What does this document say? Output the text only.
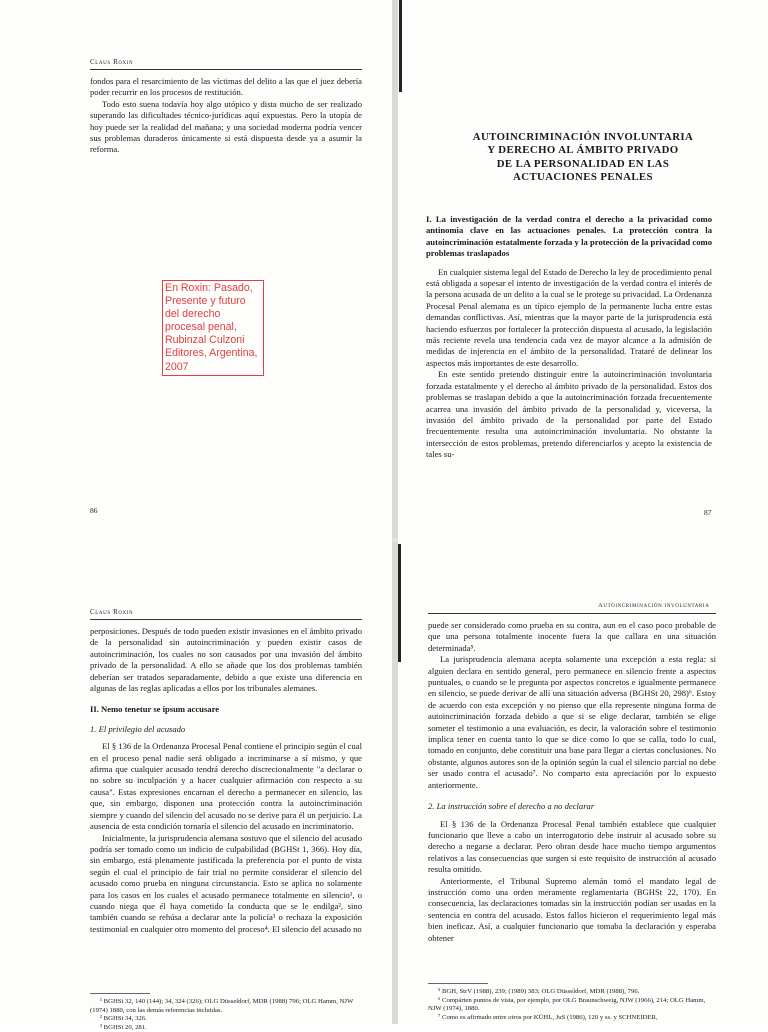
Claus Roxin

fondos para el resarcimiento de las víctimas del delito a las que el juez debería poder recurrir en los procesos de restitución.

Todo esto suena todavía hoy algo utópico y dista mucho de ser realizado superando las dificultades técnico-jurídicas aquí expuestas. Pero la utopía de hoy puede ser la realidad del mañana; y una sociedad moderna podría vencer sus problemas duraderos únicamente si está dispuesta desde ya a asumir la reforma.

En Roxin: Pasado, Presente y futuro del derecho procesal penal, Rubinzal Culzoni Editores, Argentina, 2007
86
AUTOINCRIMINACIÓN INVOLUNTARIA
Y DERECHO AL ÁMBITO PRIVADO
DE LA PERSONALIDAD EN LAS
ACTUACIONES PENALES
I. La investigación de la verdad contra el derecho a la privacidad como antinomia clave en las actuaciones penales. La protección contra la autoincriminación estatalmente forzada y la protección de la privacidad como problemas traslapados

En cualquier sistema legal del Estado de Derecho la ley de procedimiento penal está obligada a sopesar el intento de investigación de la verdad contra el interés de la persona acusada de un delito a la cual se le protege su privacidad. La Ordenanza Procesal Penal alemana es un típico ejemplo de la permanente lucha entre estas demandas conflictivas. Así, mientras que la mayor parte de la jurisprudencia está haciendo esfuerzos por fortalecer la protección dispuesta al acusado, la legislación más reciente revela una tendencia cada vez de mayor alcance a la admisión de medidas de injerencia en el ámbito de la personalidad. Trataré de delinear los aspectos más importantes de este desarrollo.

En este sentido pretendo distinguir entre la autoincriminación involuntaria forzada estatalmente y el derecho al ámbito privado de la personalidad. Estos dos problemas se traslapan debido a que la autoincriminación forzada frecuentemente acarrea una invasión del ámbito privado de la personalidad y, viceversa, la invasión del ámbito privado de la personalidad por parte del Estado frecuentemente resulta una autoincriminación involuntaria. No obstante la intersección de estos problemas, pretendo diferenciarlos y acepto la existencia de tales su-

87
Claus Roxin

perposiciones. Después de todo pueden existir invasiones en el ámbito privado de la personalidad sin autoincriminación y pueden existir casos de autoincriminación, los cuales no son causados por una invasión del ámbito privado de la personalidad. A ello se añade que los dos problemas también deberían ser tratados separadamente, debido a que existe una diferencia en algunas de las reglas aplicadas a ellos por los tribunales alemanes.

II. Nemo tenetur se ipsum accusare
1. El privilegio del acusado

El § 136 de la Ordenanza Procesal Penal contiene el principio según el cual en el proceso penal nadie será obligado a incriminarse a sí mismo, y que afirma que cualquier acusado tendrá derecho discrecionalmente "a declarar o no sobre su inculpación y a hacer cualquier afirmación con respecto a su causa". Estas expresiones encarnan el derecho a permanecer en silencio, las que, sin embargo, disponen una protección contra la autoincriminación siempre y cuando del silencio del acusado no se derive para él un perjuicio. La ausencia de esta condición tornaría el silencio del acusado en incriminatorio.

Inicialmente, la jurisprudencia alemana sostuvo que el silencio del acusado podría ser tomado como un indicio de culpabilidad (BGHSt 1, 366). Hoy día, sin embargo, está plenamente justificada la preferencia por el punto de vista según el cual el principio de fair trial no permite considerar el silencio del acusado como prueba en ninguna circunstancia. Esto se aplica no solamente para los casos en los cuales el acusado permanece totalmente en silencio¹, o cuando niega que él haya cometido la conducta que se le endilga², sino también cuando se rehúsa a declarar ante la policía³ o rechaza la exposición testimonial en cualquier otro momento del proceso⁴. El silencio del acusado no

¹ BGHSt 32, 140 (144); 34, 324 (326); OLG Düsseldorf, MDR (1988) 796; OLG Hamm, NJW (1974) 1880, con las demás referencias incluidas.
² BGHSt 34, 326.
³ BGHSt 20, 281.
Autoincriminación involuntaria

puede ser considerado como prueba en su contra, aun en el caso poco probable de que una persona totalmente inocente fuera la que callara en una situación determinada⁵.

La jurisprudencia alemana acepta solamente una excepción a esta regla: si alguien declara en sentido general, pero permanece en silencio frente a aspectos puntuales, o cuando se le pregunta por aspectos concretos e igualmente permanece en silencio, se puede derivar de allí una situación adversa (BGHSt 20, 298)⁶. Estoy de acuerdo con esta excepción y no pienso que ella represente ninguna forma de autoincriminación forzada debido a que si se elige declarar, también se elige someter el testimonio a una evaluación, es decir, la valoración sobre el testimonio implica tener en cuenta tanto lo que se dice como lo que se calla, todo lo cual, tomado en conjunto, debe constituir una base para llegar a ciertas conclusiones. No obstante, algunos autores son de la opinión según la cual el silencio parcial no debe ser usado contra el acusado⁷. No comparto esta apreciación por lo expuesto anteriormente.

2. La instrucción sobre el derecho a no declarar

El § 136 de la Ordenanza Procesal Penal también establece que cualquier funcionario que lleve a cabo un interrogatorio debe instruir al acusado sobre su derecho a negarse a declarar. Pero obran desde hace mucho tiempo argumentos relativos a las consecuencias que surgen si este requisito de instrucción al acusado resulta omitido.

Anteriormente, el Tribunal Supremo alemán tomó el mandato legal de instrucción como una orden meramente reglamentaria (BGHSt 22, 170). En consecuencia, las declaraciones tomadas sin la instrucción podían ser usadas en la sentencia en contra del acusado. Estos fallos hicieron el requerimiento legal más bien ineficaz. Así, a cualquier funcionario que tomaba la declaración y esperaba obtener

⁵ BGH, StrV (1988), 239; (1989) 383; OLG Düsseldorf, MDR (1988), 796.
⁶ Compárten puntos de vista, por ejemplo, por OLG Braunschweig, NJW (1966), 214; OLG Hamm, NJW (1974), 1880.
⁷ Como es afirmado entre otros por KÜHL, JuS (1986), 120 y ss. y SCHNEIDER,
